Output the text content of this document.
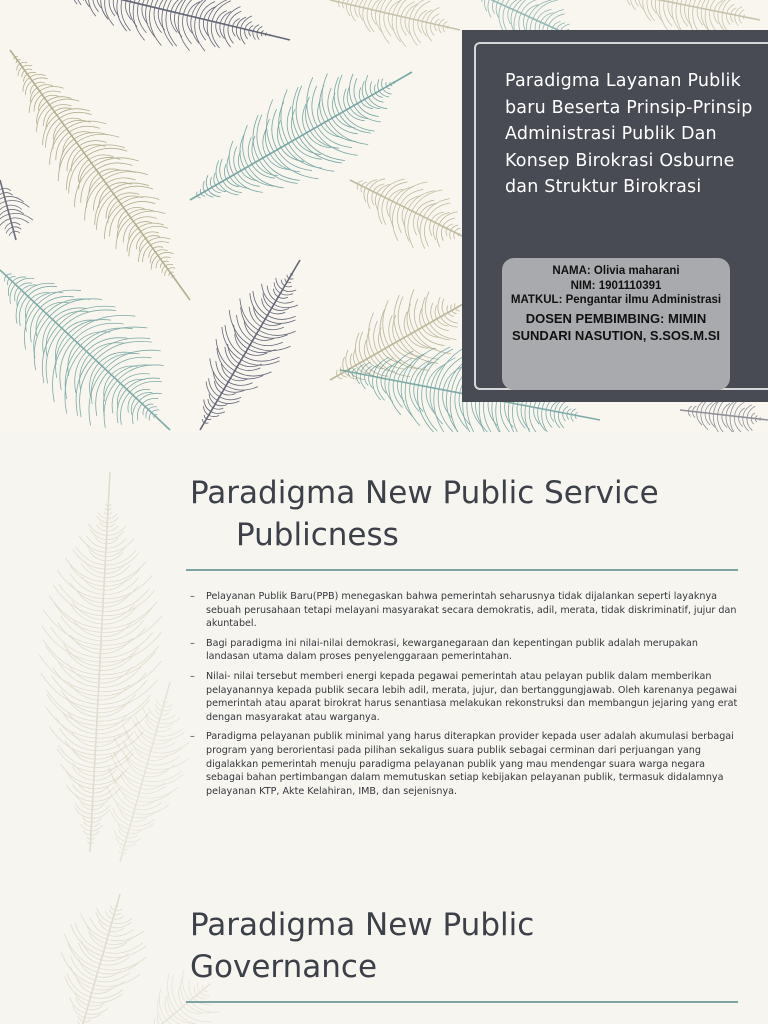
Paradigma Layanan Publik baru Beserta Prinsip-Prinsip Administrasi Publik Dan Konsep Birokrasi Osburne dan Struktur Birokrasi
NAMA: Olivia maharani
NIM: 1901110391
MATKUL: Pengantar ilmu Administrasi
DOSEN PEMBIMBING: MIMIN SUNDARI NASUTION, S.SOS.M.SI
Paradigma New Public Service
Publicness
– Pelayanan Publik Baru(PPB) menegaskan bahwa pemerintah seharusnya tidak dijalankan seperti layaknya sebuah perusahaan tetapi melayani masyarakat secara demokratis, adil, merata, tidak diskriminatif, jujur dan akuntabel.
– Bagi paradigma ini nilai-nilai demokrasi, kewarganegaraan dan kepentingan publik adalah merupakan landasan utama dalam proses penyelenggaraan pemerintahan.
– Nilai- nilai tersebut memberi energi kepada pegawai pemerintah atau pelayan publik dalam memberikan pelayanannya kepada publik secara lebih adil, merata, jujur, dan bertanggungjawab. Oleh karenanya pegawai pemerintah atau aparat birokrat harus senantiasa melakukan rekonstruksi dan membangun jejaring yang erat dengan masyarakat atau warganya.
– Paradigma pelayanan publik minimal yang harus diterapkan provider kepada user adalah akumulasi berbagai program yang berorientasi pada pilihan sekaligus suara publik sebagai cerminan dari perjuangan yang digalakkan pemerintah menuju paradigma pelayanan publik yang mau mendengar suara warga negara sebagai bahan pertimbangan dalam memutuskan setiap kebijakan pelayanan publik, termasuk didalamnya pelayanan KTP, Akte Kelahiran, IMB, dan sejenisnya.
Paradigma New Public
Governance
